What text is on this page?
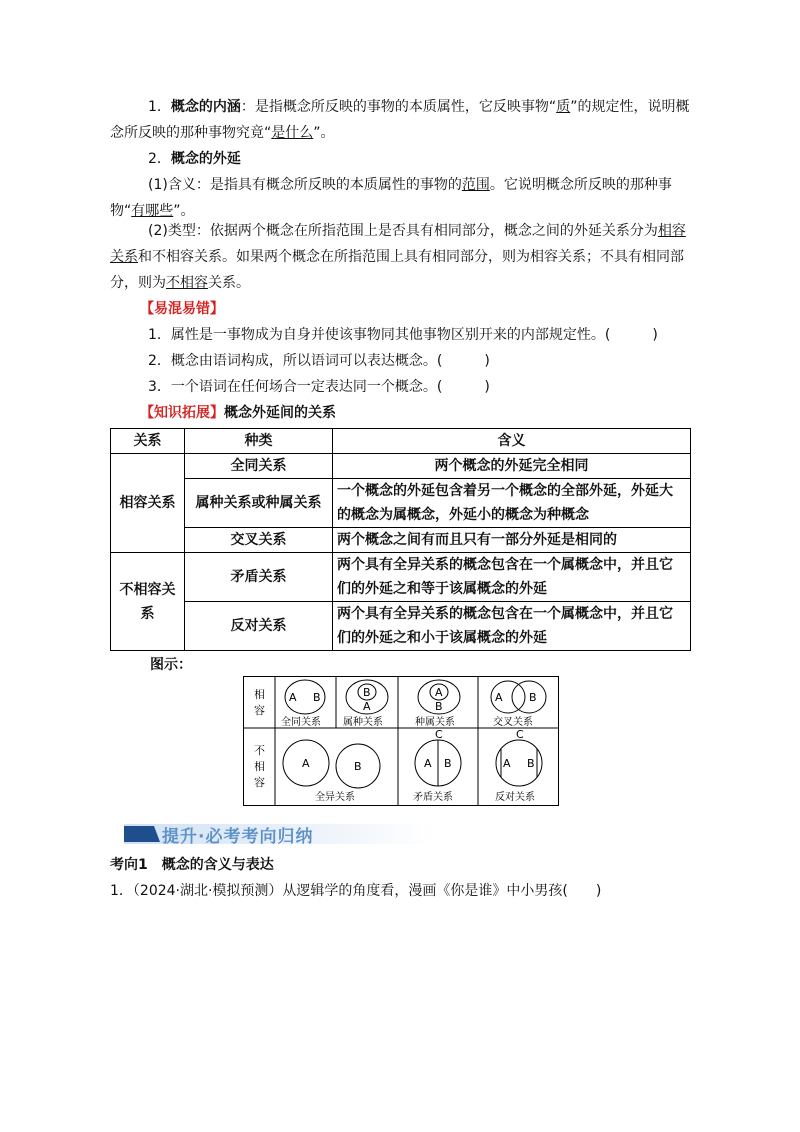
1．概念的内涵：是指概念所反映的事物的本质属性，它反映事物“质”的规定性，说明概念所反映的那种事物究竟“是什么”。

2．概念的外延

(1)含义：是指具有概念所反映的本质属性的事物的范围。它说明概念所反映的那种事物“有哪些”。

(2)类型：依据两个概念在所指范围上是否具有相同部分，概念之间的外延关系分为相容关系和不相容关系。如果两个概念在所指范围上具有相同部分，则为相容关系；不具有相同部分，则为不相容关系。

【易混易错】

1．属性是一事物成为自身并使该事物同其他事物区别开来的内部规定性。(	)

2．概念由语词构成，所以语词可以表达概念。(	)

3．一个语词在任何场合一定表达同一个概念。(	)

【知识拓展】概念外延间的关系

关系	种类	含义
相容关系	全同关系	两个概念的外延完全相同
	属种关系或种属关系	一个概念的外延包含着另一个概念的全部外延，外延大的概念为属概念，外延小的概念为种概念
	交叉关系	两个概念之间有而且只有一部分外延是相同的
不相容关
系	矛盾关系	两个具有全异关系的概念包含在一个属概念中，并且它们的外延之和等于该属概念的外延
	反对关系	两个具有全异关系的概念包含在一个属概念中，并且它们的外延之和小于该属概念的外延

图示：

相
容
不
相
容
A B
全同关系
B
A
属种关系
A
B
种属关系
A B
交叉关系
A	B
全异关系
C
A B
矛盾关系
C
A B
反对关系
提升·必考考向归纳

考向1　概念的含义与表达

1．（2024·湖北·模拟预测）从逻辑学的角度看，漫画《你是谁》中小男孩(　　)
